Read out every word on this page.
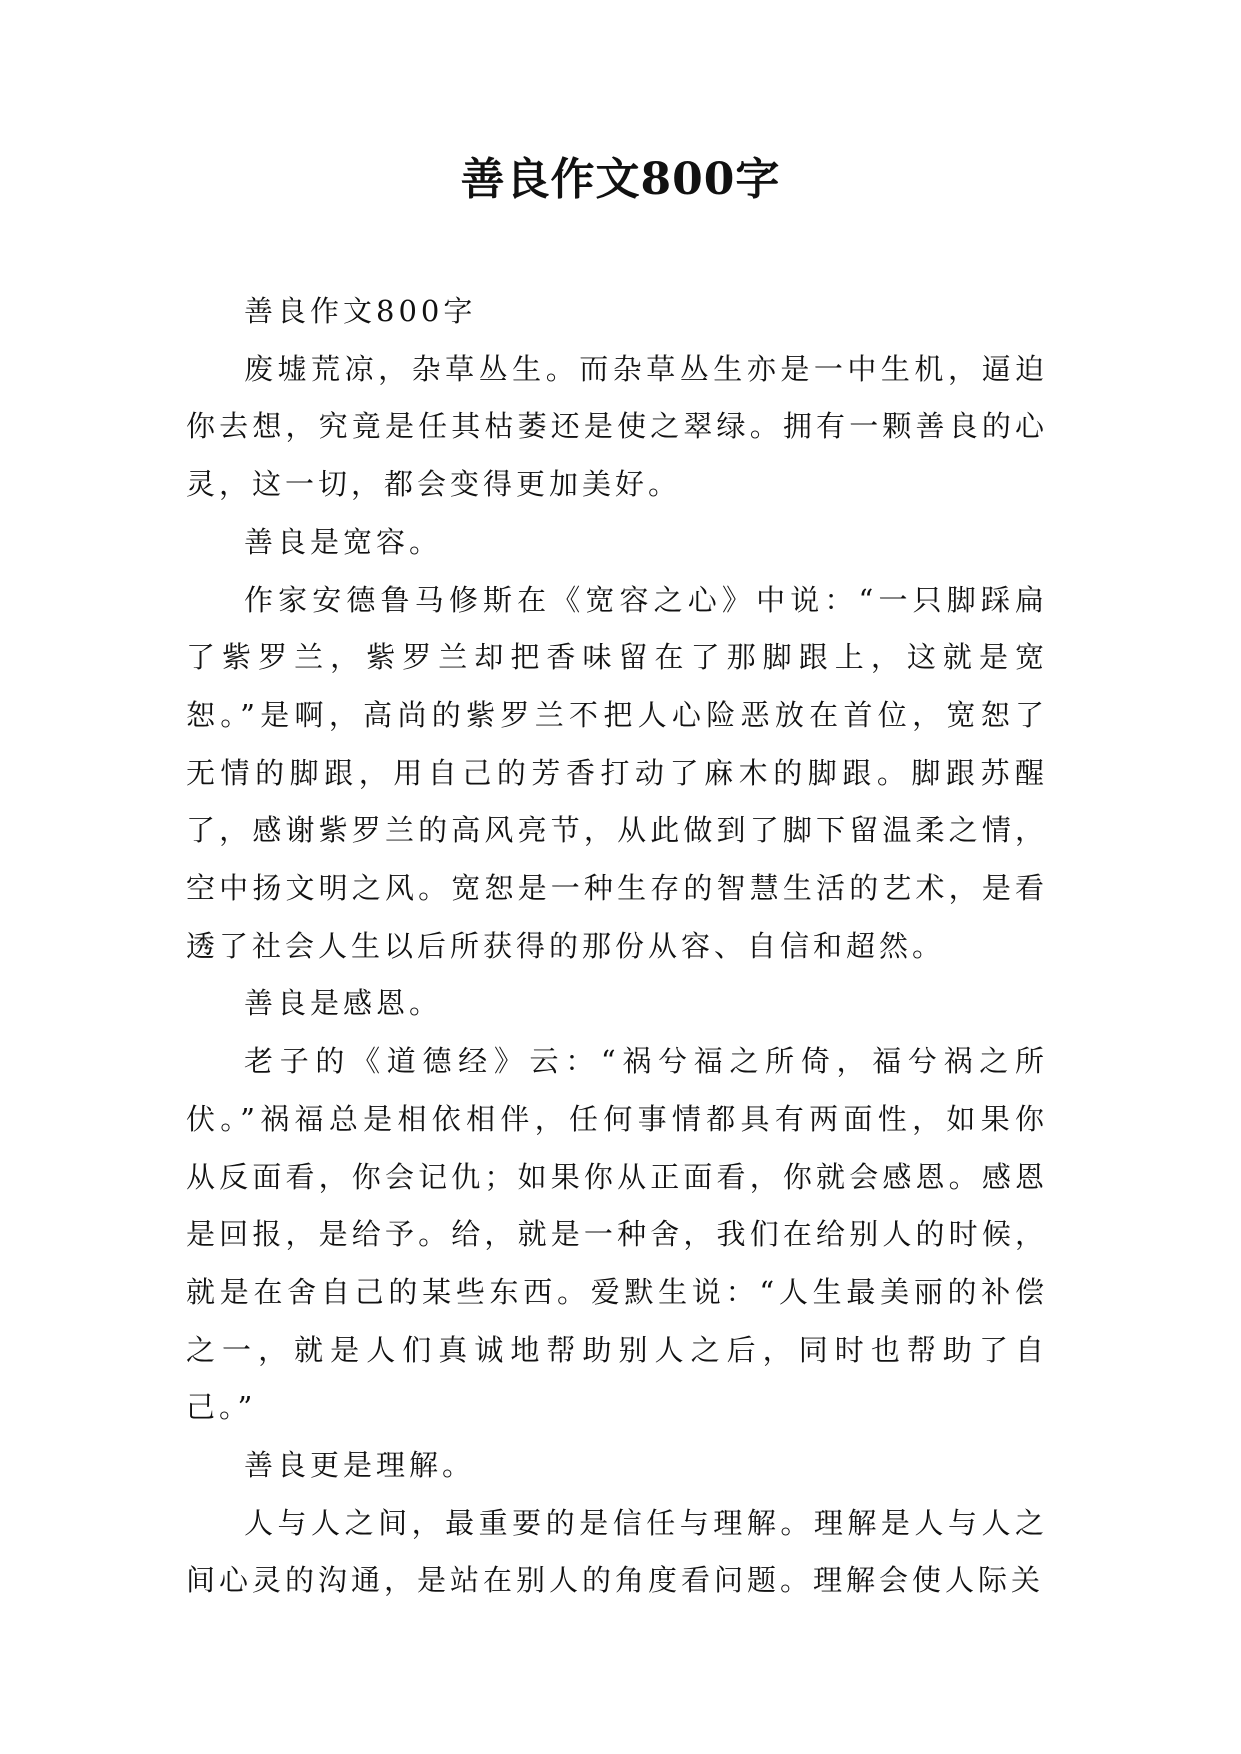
善良作文800字

善良作文800字

废墟荒凉，杂草丛生。而杂草丛生亦是一中生机，逼迫你去想，究竟是任其枯萎还是使之翠绿。拥有一颗善良的心灵，这一切，都会变得更加美好。

善良是宽容。

作家安德鲁马修斯在《宽容之心》中说：“一只脚踩扁了紫罗兰，紫罗兰却把香味留在了那脚跟上，这就是宽恕。”是啊，高尚的紫罗兰不把人心险恶放在首位，宽恕了无情的脚跟，用自己的芳香打动了麻木的脚跟。脚跟苏醒了，感谢紫罗兰的高风亮节，从此做到了脚下留温柔之情，空中扬文明之风。宽恕是一种生存的智慧生活的艺术，是看透了社会人生以后所获得的那份从容、自信和超然。

善良是感恩。

老子的《道德经》云：“祸兮福之所倚，福兮祸之所伏。”祸福总是相依相伴，任何事情都具有两面性，如果你从反面看，你会记仇；如果你从正面看，你就会感恩。感恩是回报，是给予。给，就是一种舍，我们在给别人的时候，就是在舍自己的某些东西。爱默生说：“人生最美丽的补偿之一，就是人们真诚地帮助别人之后，同时也帮助了自己。”

善良更是理解。

人与人之间，最重要的是信任与理解。理解是人与人之间心灵的沟通，是站在别人的角度看问题。理解会使人际关
